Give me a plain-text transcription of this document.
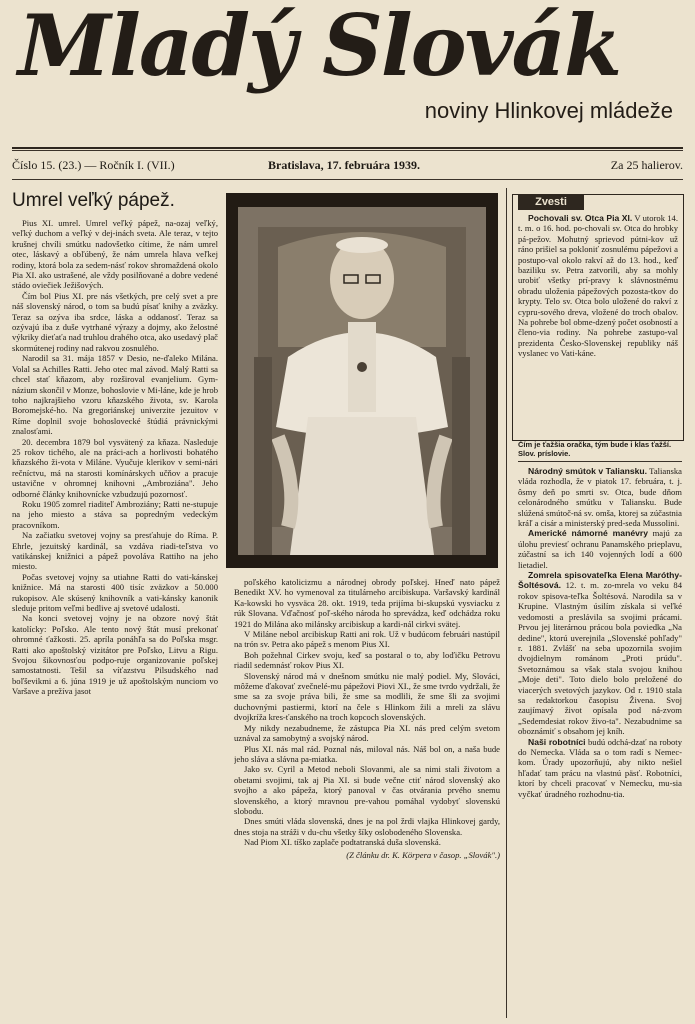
Mladý Slovák
noviny Hlinkovej mládeže
Číslo 15. (23.) — Ročník I. (VII.)	Bratislava, 17. februára 1939.	Za 25 halierov.
Umrel veľký pápež.

Pius XI. umrel. Umrel veľký pápež, na-ozaj veľký, veľký duchom a veľký v dej-inách sveta. Ale teraz, v tejto krušnej chvíli smútku nadovšetko cítime, že nám umrel otec, láskavý a obľúbený, že nám umrela hlava veľkej rodiny, ktorá bola za sedem-násť rokov shromaždená okolo Pia XI. ako ustrašené, ale vždy posilňované a dobre vedené stádo oviečiek Ježišových.

Čím bol Pius XI. pre nás všetkých, pre celý svet a pre náš slovenský národ, o tom sa budú písať knihy a zväzky. Teraz sa ozýva iba srdce, láska a oddanosť. Teraz sa ozývajú iba z duše vytrhané výrazy a dojmy, ako želostné výkriky dieťaťa nad truhlou drahého otca, ako usedavý plač skormútenej rodiny nad rakvou zosnulého.

Narodil sa 31. mája 1857 v Desio, ne-ďaleko Milána. Volal sa Achilles Ratti. Jeho otec mal závod. Malý Ratti sa chcel stať kňazom, aby rozširoval evanjelium. Gym-názium skončil v Monze, bohoslovie v Mi-láne, kde je hrob toho najkrajšieho vzoru kňazského života, sv. Karola Boromejské-ho. Na gregoriánskej univerzite jezuitov v Ríme doplnil svoje bohoslovecké štúdiá právnickými znalosťami.

20. decembra 1879 bol vysvätený za kňaza. Nasleduje 25 rokov tichého, ale na práci-ach a horlivosti bohatého kňazského ži-vota v Miláne. Vyučuje klerikov v semi-nári rečníctvu, má na starosti komínárskych učňov a pracuje ustavične v ohromnej knihovni „Ambroziána". Jeho odborné články knihovnícke vzbudzujú pozornosť.

Roku 1905 zomrel riaditeľ Ambroziány; Ratti ne-stupuje na jeho miesto a stáva sa popredným vedeckým pracovníkom.

Na začiatku svetovej vojny sa presťahuje do Ríma. P. Ehrle, jezuitský kardinál, sa vzdáva riadi-teľstva vo vatikánskej knižnici a pápež povoláva Rattiho na jeho miesto.

Počas svetovej vojny sa utiahne Ratti do vati-kánskej knižnice. Má na starosti 400 tisíc zväzkov a 50.000 rukopisov. Ale skúsený knihovník a vati-kánsky kanonik sleduje pritom veľmi bedlive aj svetové udalosti.

Na konci svetovej vojny je na obzore nový štát katolícky: Poľsko. Ale tento nový štát musí prekonať ohromné ťažkosti. 25. apríla ponáhľa sa do Poľska msgr. Ratti ako apoštolský vizitátor pre Poľsko, Litvu a Rigu. Svojou šikovnosťou podpo-ruje organizovanie poľskej samostatnosti. Tešil sa víťazstvu Pilsudského nad boľševikmi a 6. júna 1919 je už apoštolským nunciom vo Varšave a prežíva jasot

poľského katolicizmu a národnej obrody poľskej. Hneď nato pápež Benedikt XV. ho vymenoval za titulárneho arcibiskupa. Varšavský kardinál Ka-kowski ho vysväca 28. okt. 1919, teda prijíma bi-skupskú vysviacku z rúk Slovana. Vďačnosť poľ-ského národa ho sprevádza, keď odchádza roku 1921 do Milána ako milánsky arcibiskup a kardi-nál cirkvi svätej.

V Miláne nebol arcibiskup Ratti ani rok. Už v budúcom februári nastúpil na trón sv. Petra ako pápež s menom Pius XI.

Boh požehnal Cirkev svoju, keď sa postaral o to, aby loďičku Petrovu riadil sedemnásť rokov Pius XI.

Slovenský národ má v dnešnom smútku nie malý podiel. My, Slováci, môžeme ďakovať zvečnelé-mu pápežovi Piovi XI., že sme tvrdo vydržali, že sme sa za svoje práva bili, že sme sa modlili, že sme šli za svojimi duchovnými pastiermi, ktorí na čele s Hlinkom žili a mreli za slávu dvojkríža kres-ťanského na troch kopcoch slovenských.

My nikdy nezabudneme, že zástupca Pia XI. nás pred celým svetom uznával za samobytný a svojský národ.

Plus XI. nás mal rád. Poznal nás, miloval nás. Náš bol on, a naša bude jeho sláva a slávna pa-miatka.

Jako sv. Cyril a Metod neboli Slovanmi, ale sa nimi stali životom a obetami svojimi, tak aj Pia XI. si bude večne ctiť národ slovenský ako svojho a ako pápeža, ktorý panoval v čas otvárania prvého snemu slovenského, a ktorý mravnou pre-vahou pomáhal vydobyť slovenskú slobodu.

Dnes smúti vláda slovenská, dnes je na pol žrdi vlajka Hlinkovej gardy, dnes stoja na stráži v du-chu všetky šíky oslobodeného Slovenska.

Nad Piom XI. tíško zaplače podtatranská duša slovenská.

(Z článku dr. K. Körpera v časop. „Slovák".)
Zvesti

Pochovali sv. Otca Pia XI. V utorok 14. t. m. o 16. hod. po-chovali sv. Otca do hrobky pá-pežov. Mohutný sprievod pútni-kov už ráno prišiel sa pokloniť zosnulému pápežovi a postupo-val okolo rakví až do 13. hod., keď baziliku sv. Petra zatvorili, aby sa mohly urobiť všetky prí-pravy k slávnostnému obradu uloženia pápežových pozosta-tkov do krypty. Telo sv. Otca bolo uložené do rakví z cypru-sového dreva, vložené do troch obalov. Na pohrebe bol obme-dzený počet osobností a členo-via rodiny. Na pohrebe zastupo-val prezidenta Česko-Slovenskej republiky náš vyslanec vo Vati-káne.

Čím je ťažšia oračka, tým bude i klas ťažší. Slov. príslovie.

Národný smútok v Taliansku. Talianska vláda rozhodla, že v piatok 17. februára, t. j. ôsmy deň po smrti sv. Otca, bude dňom celonárodného smútku v Taliansku. Bude slúžená smútoč-ná sv. omša, ktorej sa zúčastnia kráľ a cisár a ministerský pred-seda Mussolini.

Americké námorné manévry majú za úlohu previesť ochranu Panamského prieplavu, zúčastní sa ich 140 vojenných lodí a 600 lietadiel.

Zomrela spisovateľka Elena Maróthy-Šoltésová. 12. t. m. zo-mrela vo veku 84 rokov spisova-teľka Šoltésová. Narodila sa v Krupine. Vlastným úsilím získala si veľké vedomosti a preslávila sa svojimi prácami. Prvou jej literárnou prácou bola poviedka „Na dedine", ktorú uverejnila „Slovenské pohľady" r. 1881. Zvlášť na seba upozornila svojim dvojdielnym románom „Proti prúdu". Svetoznámou sa však stala svojou knihou „Moje deti". Toto dielo bolo preložené do viacerých svetových jazykov. Od r. 1910 stala sa redaktorkou časopisu Živena. Svoj zaujímavý život opísala pod ná-zvom „Sedemdesiat rokov živo-ta". Nezabudnime sa oboznámiť s obsahom jej kníh.

Naši robotníci budú odchá-dzať na roboty do Nemecka. Vláda sa o tom radí s Nemec-kom. Úrady upozorňujú, aby nikto nešiel hľadať tam prácu na vlastnú päsť. Robotníci, ktorí by chceli pracovať v Nemecku, mu-sia vyčkať úradného rozhodnu-tia.
